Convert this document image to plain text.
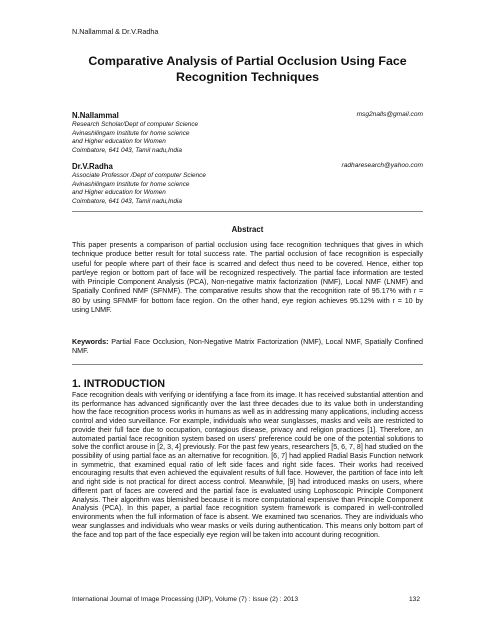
N.Nallammal & Dr.V.Radha
Comparative Analysis of Partial Occlusion Using Face
Recognition Techniques
N.Nallammal	msg2nalls@gmail.com
Research Scholar/Dept of computer Science
Avinashilingam Institute for home science
and Higher education for Women
Coimbatore, 641 043, Tamil nadu,India
Dr.V.Radha	radharesearch@yahoo.com
Associate Professor /Dept of computer Science
Avinashilingam Institute for home science
and Higher education for Women
Coimbatore, 641 043, Tamil nadu,India
Abstract
This paper presents a comparison of partial occlusion using face recognition techniques that gives in which technique produce better result for total success rate. The partial occlusion of face recognition is especially useful for people where part of their face is scarred and defect thus need to be covered. Hence, either top part/eye region or bottom part of face will be recognized respectively. The partial face information are tested with Principle Component Analysis (PCA), Non-negative matrix factorization (NMF), Local NMF (LNMF) and Spatially Confined NMF (SFNMF). The comparative results show that the recognition rate of 95.17% with r = 80 by using SFNMF for bottom face region. On the other hand, eye region achieves 95.12% with r = 10 by using LNMF.

Keywords: Partial Face Occlusion, Non-Negative Matrix Factorization (NMF), Local NMF, Spatially Confined NMF.

1. INTRODUCTION
Face recognition deals with verifying or identifying a face from its image. It has received substantial attention and its performance has advanced significantly over the last three decades due to its value both in understanding how the face recognition process works in humans as well as in addressing many applications, including access control and video surveillance. For example, individuals who wear sunglasses, masks and veils are restricted to provide their full face due to occupation, contagious disease, privacy and religion practices [1]. Therefore, an automated partial face recognition system based on users' preference could be one of the potential solutions to solve the conflict arouse in [2, 3, 4] previously. For the past few years, researchers [5, 6, 7, 8] had studied on the possibility of using partial face as an alternative for recognition. [6, 7] had applied Radial Basis Function network in symmetric, that examined equal ratio of left side faces and right side faces. Their works had received encouraging results that even achieved the equivalent results of full face. However, the partition of face into left and right side is not practical for direct access control. Meanwhile, [9] had introduced masks on users, where different part of faces are covered and the partial face is evaluated using Lophoscopic Principle Component Analysis. Their algorithm was blemished because it is more computational expensive than Principle Component Analysis (PCA). In this paper, a partial face recognition system framework is compared in well-controlled environments when the full information of face is absent. We examined two scenarios. They are individuals who wear sunglasses and individuals who wear masks or veils during authentication. This means only bottom part of the face and top part of the face especially eye region will be taken into account during recognition.
International Journal of Image Processing (IJIP), Volume (7) : Issue (2) : 2013	132
